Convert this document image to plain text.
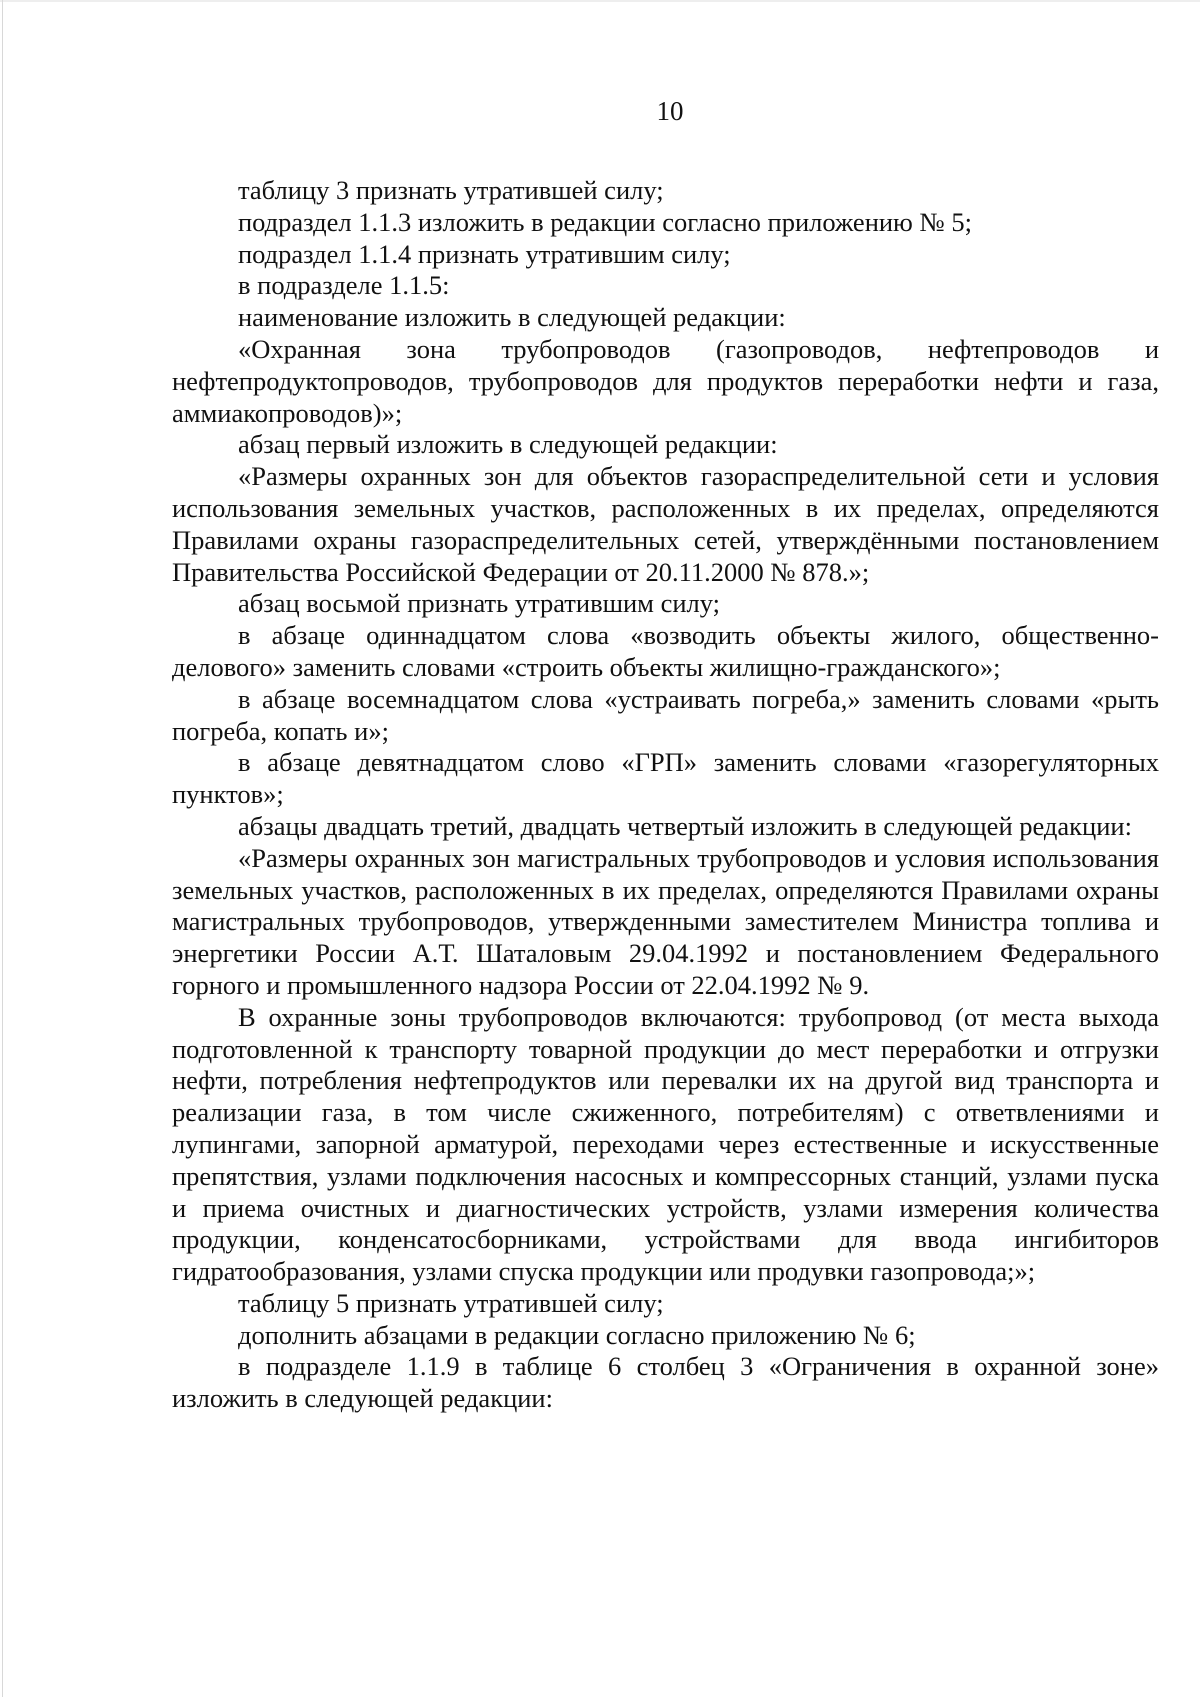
10

таблицу 3 признать утратившей силу;

подраздел 1.1.3 изложить в редакции согласно приложению № 5;

подраздел 1.1.4 признать утратившим силу;

в подразделе 1.1.5:

наименование изложить в следующей редакции:

«Охранная зона трубопроводов (газопроводов, нефтепроводов и нефтепродуктопроводов, трубопроводов для продуктов переработки нефти и газа, аммиакопроводов)»;

абзац первый изложить в следующей редакции:

«Размеры охранных зон для объектов газораспределительной сети и условия использования земельных участков, расположенных в их пределах, определяются Правилами охраны газораспределительных сетей, утверждёнными постановлением Правительства Российской Федерации от 20.11.2000 № 878.»;

абзац восьмой признать утратившим силу;

в абзаце одиннадцатом слова «возводить объекты жилого, общественно-делового» заменить словами «строить объекты жилищно-гражданского»;

в абзаце восемнадцатом слова «устраивать погреба,» заменить словами «рыть погреба, копать и»;

в абзаце девятнадцатом слово «ГРП» заменить словами «газорегуляторных пунктов»;

абзацы двадцать третий, двадцать четвертый изложить в следующей редакции:

«Размеры охранных зон магистральных трубопроводов и условия использования земельных участков, расположенных в их пределах, определяются Правилами охраны магистральных трубопроводов, утвержденными заместителем Министра топлива и энергетики России А.Т. Шаталовым 29.04.1992 и постановлением Федерального горного и промышленного надзора России от 22.04.1992 № 9.

В охранные зоны трубопроводов включаются: трубопровод (от места выхода подготовленной к транспорту товарной продукции до мест переработки и отгрузки нефти, потребления нефтепродуктов или перевалки их на другой вид транспорта и реализации газа, в том числе сжиженного, потребителям) с ответвлениями и лупингами, запорной арматурой, переходами через естественные и искусственные препятствия, узлами подключения насосных и компрессорных станций, узлами пуска и приема очистных и диагностических устройств, узлами измерения количества продукции, конденсатосборниками, устройствами для ввода ингибиторов гидратообразования, узлами спуска продукции или продувки газопровода;»;

таблицу 5 признать утратившей силу;

дополнить абзацами в редакции согласно приложению № 6;

в подразделе 1.1.9 в таблице 6 столбец 3 «Ограничения в охранной зоне» изложить в следующей редакции:
